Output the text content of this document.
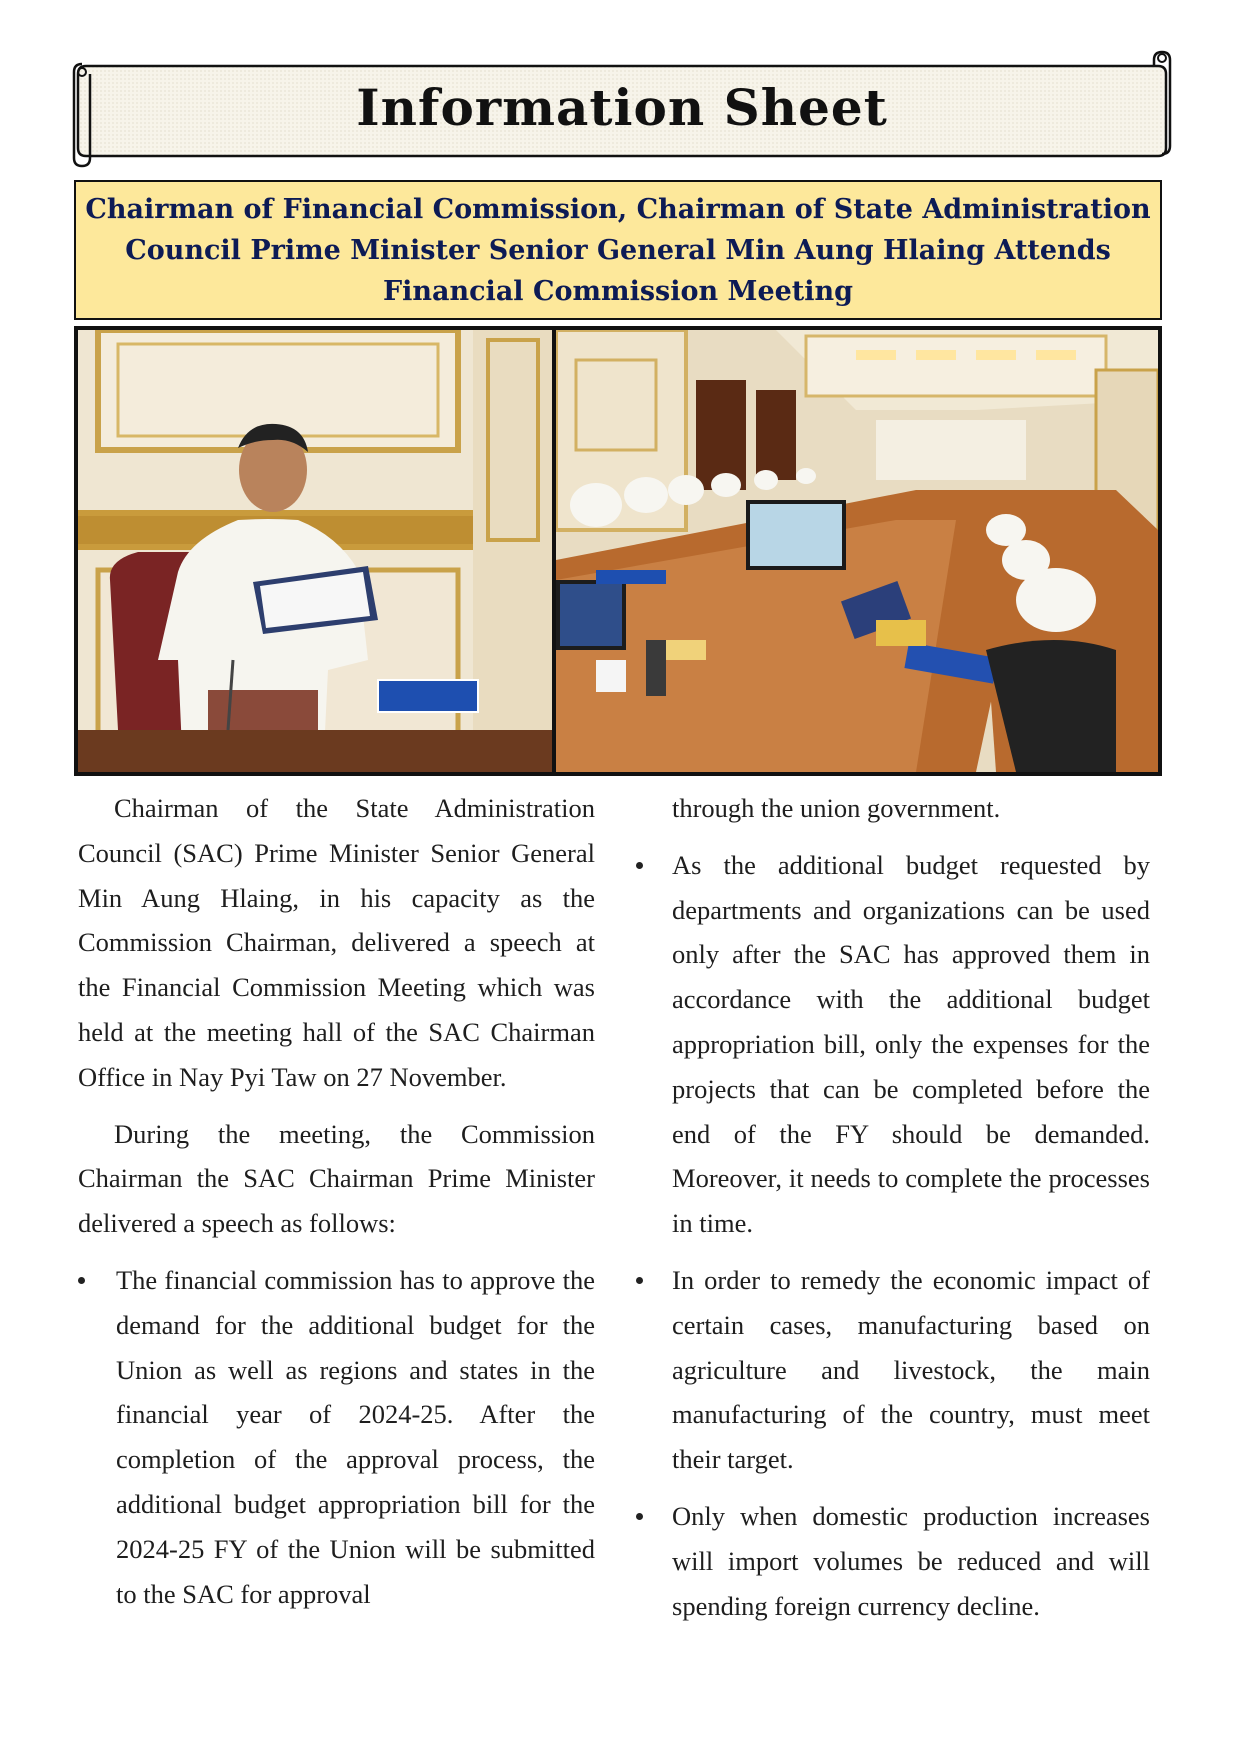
Information Sheet
Chairman of Financial Commission, Chairman of State Administration Council Prime Minister Senior General Min Aung Hlaing Attends Financial Commission Meeting

Chairman of the State Administration Council (SAC) Prime Minister Senior General Min Aung Hlaing, in his capacity as the Commission Chairman, delivered a speech at the Financial Commission Meeting which was held at the meeting hall of the SAC Chairman Office in Nay Pyi Taw on 27 November.

During the meeting, the Commission Chairman the SAC Chairman Prime Minister delivered a speech as follows:

The financial commission has to approve the demand for the additional budget for the Union as well as regions and states in the financial year of 2024-25. After the completion of the approval process, the additional budget appropriation bill for the 2024-25 FY of the Union will be submitted to the SAC for approval

through the union government.

As the additional budget requested by departments and organizations can be used only after the SAC has approved them in accordance with the additional budget appropriation bill, only the expenses for the projects that can be completed before the end of the FY should be demanded. Moreover, it needs to complete the processes in time.
In order to remedy the economic impact of certain cases, manufacturing based on agriculture and livestock, the main manufacturing of the country, must meet their target.
Only when domestic production increases will import volumes be reduced and will spending foreign currency decline.
